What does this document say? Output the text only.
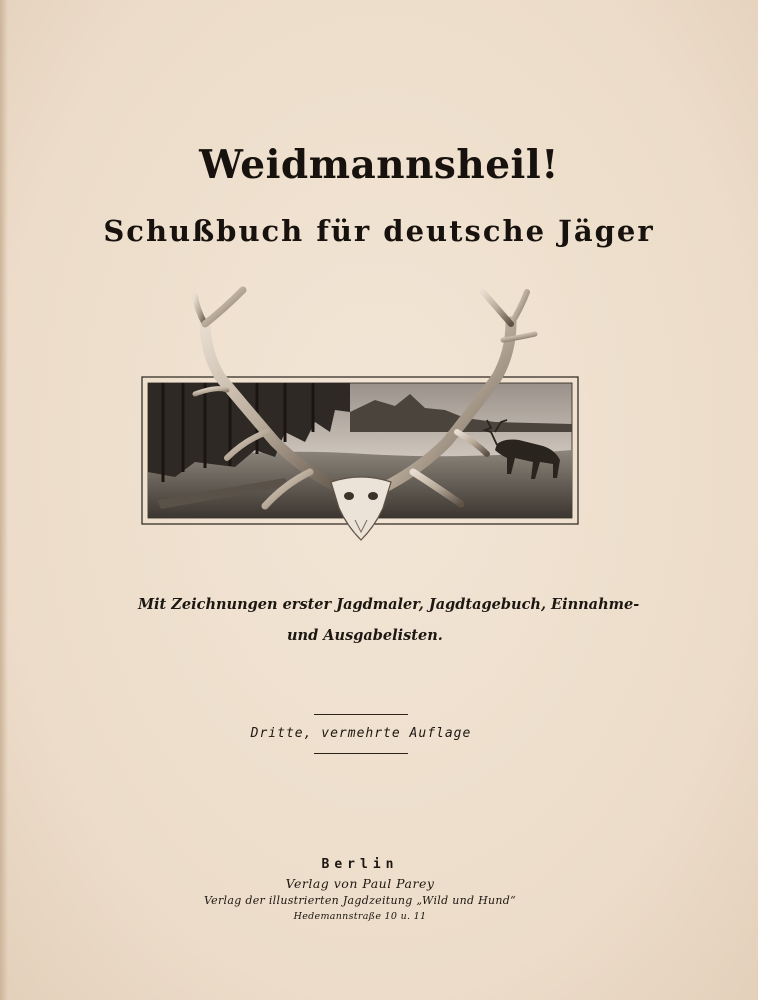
Weidmannsheil!
Schußbuch für deutsche Jäger
Mit Zeichnungen erster Jagdmaler, Jagdtagebuch, Einnahme-
und Ausgabelisten.
Dritte, vermehrte Auflage
Berlin
Verlag von Paul Parey
Verlag der illustrierten Jagdzeitung „Wild und Hund“
Hedemannstraße 10 u. 11
